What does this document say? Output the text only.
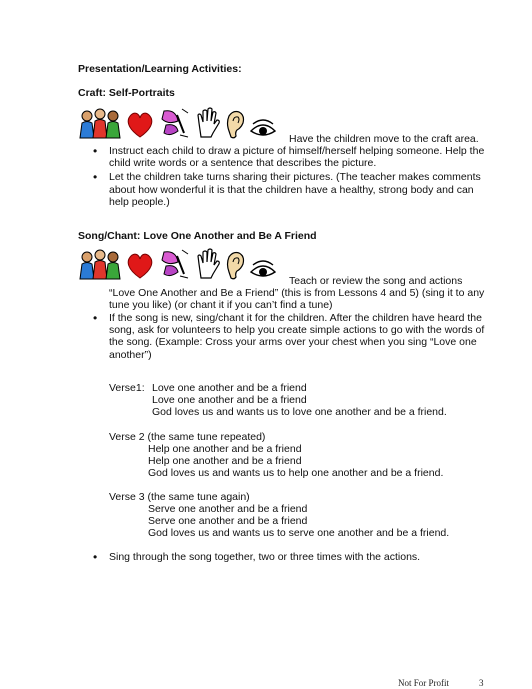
Presentation/Learning Activities:
Craft: Self-Portraits
Have the children move to the craft area.
• Instruct each child to draw a picture of himself/herself helping someone. Help the child write words or a sentence that describes the picture.
• Let the children take turns sharing their pictures. (The teacher makes comments about how wonderful it is that the children have a healthy, strong body and can help people.)
Song/Chant: Love One Another and Be A Friend
Teach or review the song and actions
“Love One Another and Be a Friend” (this is from Lessons 4 and 5) (sing it to any tune you like) (or chant it if you can’t find a tune)
• If the song is new, sing/chant it for the children. After the children have heard the song, ask for volunteers to help you create simple actions to go with the words of the song. (Example: Cross your arms over your chest when you sing “Love one another”)
Verse1: Love one another and be a friend
Love one another and be a friend
God loves us and wants us to love one another and be a friend.
Verse 2 (the same tune repeated)
Help one another and be a friend
Help one another and be a friend
God loves us and wants us to help one another and be a friend.
Verse 3 (the same tune again)
Serve one another and be a friend
Serve one another and be a friend
God loves us and wants us to serve one another and be a friend.
• Sing through the song together, two or three times with the actions.
Not For Profit	3
